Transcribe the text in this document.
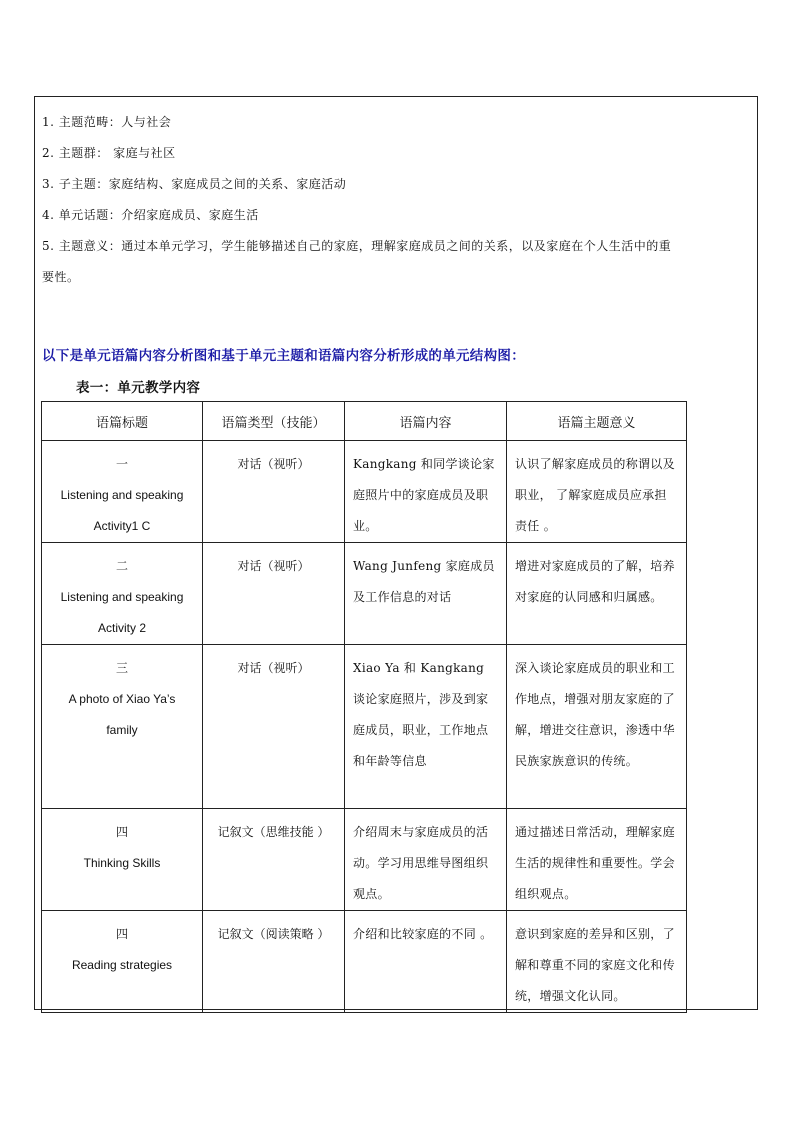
1. 主题范畴：人与社会
2. 主题群： 家庭与社区
3. 子主题：家庭结构、家庭成员之间的关系、家庭活动
4. 单元话题：介绍家庭成员、家庭生活
5. 主题意义：通过本单元学习，学生能够描述自己的家庭，理解家庭成员之间的关系，以及家庭在个人生活中的重
要性。
以下是单元语篇内容分析图和基于单元主题和语篇内容分析形成的单元结构图：
表一：单元教学内容
语篇标题	语篇类型（技能）	语篇内容	语篇主题意义

一
Listening and speaking
Activity1 C	对话（视听）	Kangkang 和同学谈论家庭照片中的家庭成员及职业。	认识了解家庭成员的称谓以及职业， 了解家庭成员应承担责任 。

二
Listening and speaking
Activity 2	对话（视听）	Wang Junfeng 家庭成员及工作信息的对话	增进对家庭成员的了解，培养对家庭的认同感和归属感。

三
A photo of Xiao Ya’s
family	对话（视听）	Xiao Ya 和 Kangkang 谈论家庭照片，涉及到家庭成员，职业，工作地点和年龄等信息	深入谈论家庭成员的职业和工作地点，增强对朋友家庭的了解，增进交往意识，渗透中华民族家族意识的传统。

四
Thinking Skills	记叙文（思维技能 ）	介绍周末与家庭成员的活动。学习用思维导图组织观点。	通过描述日常活动，理解家庭生活的规律性和重要性。学会组织观点。

四
Reading strategies	记叙文（阅读策略 ）	介绍和比较家庭的不同 。	意识到家庭的差异和区别，了解和尊重不同的家庭文化和传统，增强文化认同。
